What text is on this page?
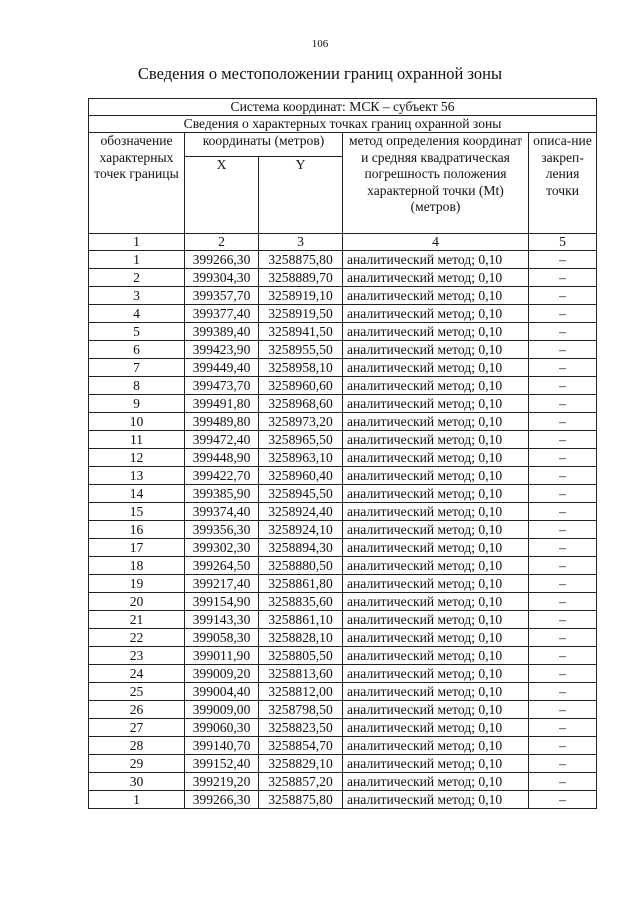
106
Сведения о местоположении границ охранной зоны
Система координат: МСК – субъект 56				
Сведения о характерных точках границ охранной зоны				
обозначение характерных точек границы	координаты (метров)		метод определения координат и средняя квадратическая погрешность положения характерной точки (Mt) (метров)	описа-ние закреп-ления точки
	X	Y		
1	2	3	4	5
1	399266,30	3258875,80	аналитический метод; 0,10	–
2	399304,30	3258889,70	аналитический метод; 0,10	–
3	399357,70	3258919,10	аналитический метод; 0,10	–
4	399377,40	3258919,50	аналитический метод; 0,10	–
5	399389,40	3258941,50	аналитический метод; 0,10	–
6	399423,90	3258955,50	аналитический метод; 0,10	–
7	399449,40	3258958,10	аналитический метод; 0,10	–
8	399473,70	3258960,60	аналитический метод; 0,10	–
9	399491,80	3258968,60	аналитический метод; 0,10	–
10	399489,80	3258973,20	аналитический метод; 0,10	–
11	399472,40	3258965,50	аналитический метод; 0,10	–
12	399448,90	3258963,10	аналитический метод; 0,10	–
13	399422,70	3258960,40	аналитический метод; 0,10	–
14	399385,90	3258945,50	аналитический метод; 0,10	–
15	399374,40	3258924,40	аналитический метод; 0,10	–
16	399356,30	3258924,10	аналитический метод; 0,10	–
17	399302,30	3258894,30	аналитический метод; 0,10	–
18	399264,50	3258880,50	аналитический метод; 0,10	–
19	399217,40	3258861,80	аналитический метод; 0,10	–
20	399154,90	3258835,60	аналитический метод; 0,10	–
21	399143,30	3258861,10	аналитический метод; 0,10	–
22	399058,30	3258828,10	аналитический метод; 0,10	–
23	399011,90	3258805,50	аналитический метод; 0,10	–
24	399009,20	3258813,60	аналитический метод; 0,10	–
25	399004,40	3258812,00	аналитический метод; 0,10	–
26	399009,00	3258798,50	аналитический метод; 0,10	–
27	399060,30	3258823,50	аналитический метод; 0,10	–
28	399140,70	3258854,70	аналитический метод; 0,10	–
29	399152,40	3258829,10	аналитический метод; 0,10	–
30	399219,20	3258857,20	аналитический метод; 0,10	–
1	399266,30	3258875,80	аналитический метод; 0,10	–
